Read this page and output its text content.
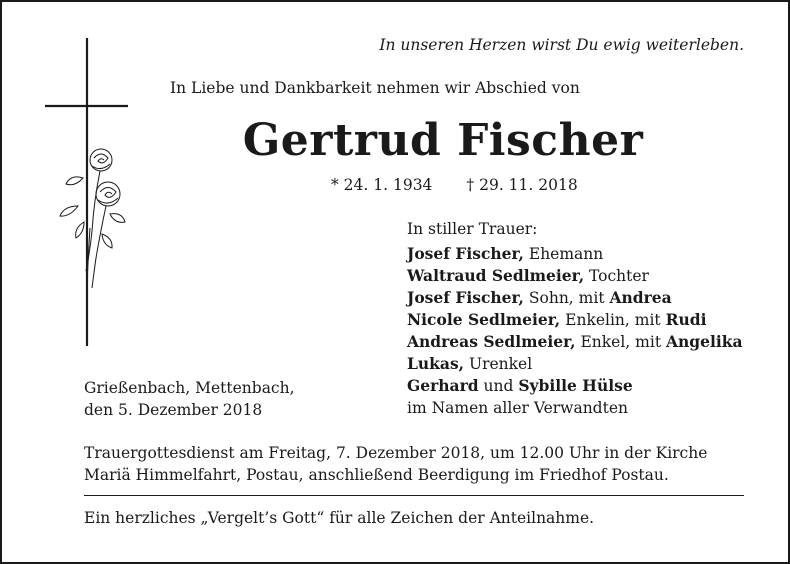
In unseren Herzen wirst Du ewig weiterleben.
In Liebe und Dankbarkeit nehmen wir Abschied von
Gertrud Fischer
* 24. 1. 1934 † 29. 11. 2018
In stiller Trauer:
Josef Fischer, Ehemann
Waltraud Sedlmeier, Tochter
Josef Fischer, Sohn, mit Andrea
Nicole Sedlmeier, Enkelin, mit Rudi
Andreas Sedlmeier, Enkel, mit Angelika
Lukas, Urenkel
Gerhard und Sybille Hülse
im Namen aller Verwandten
Grießenbach, Mettenbach,
den 5. Dezember 2018
Trauergottesdienst am Freitag, 7. Dezember 2018, um 12.00 Uhr in der Kirche
Mariä Himmelfahrt, Postau, anschließend Beerdigung im Friedhof Postau.
Ein herzliches „Vergelt’s Gott“ für alle Zeichen der Anteilnahme.
